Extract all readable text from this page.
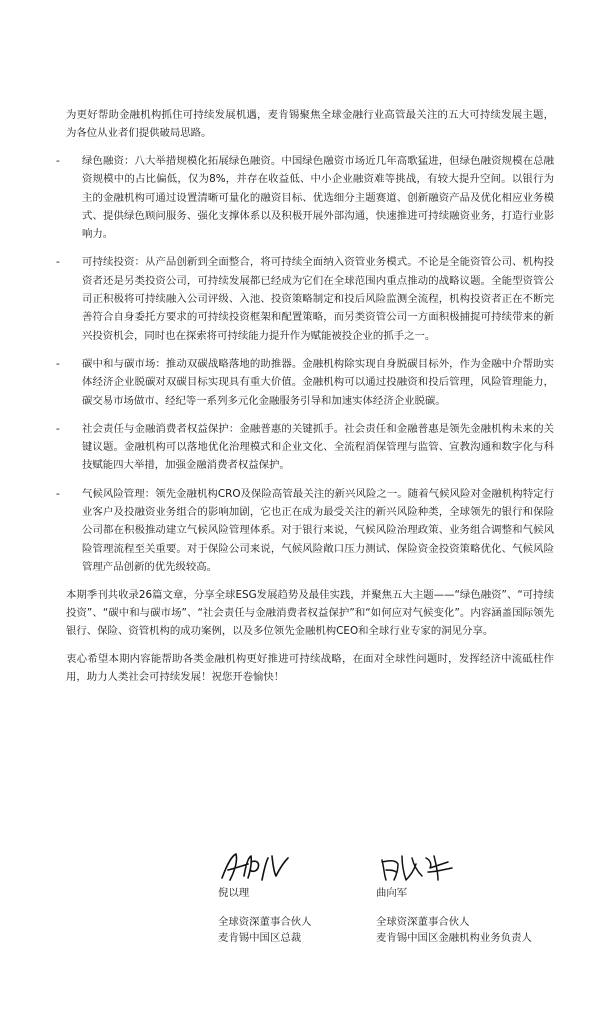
为更好帮助金融机构抓住可持续发展机遇，麦肯锡聚焦全球金融行业高管最关注的五大可持续发展主题，为各位从业者们提供破局思路。

- 绿色融资：八大举措规模化拓展绿色融资。中国绿色融资市场近几年高歌猛进，但绿色融资规模在总融资规模中的占比偏低，仅为8%，并存在收益低、中小企业融资难等挑战，有较大提升空间。以银行为主的金融机构可通过设置清晰可量化的融资目标、优选细分主题赛道、创新融资产品及优化相应业务模式、提供绿色顾问服务、强化支撑体系以及积极开展外部沟通，快速推进可持续融资业务，打造行业影响力。
- 可持续投资：从产品创新到全面整合，将可持续全面纳入资管业务模式。不论是全能资管公司、机构投资者还是另类投资公司，可持续发展都已经成为它们在全球范围内重点推动的战略议题。全能型资管公司正积极将可持续融入公司评级、入池、投资策略制定和投后风险监测全流程，机构投资者正在不断完善符合自身委托方要求的可持续投资框架和配置策略，而另类资管公司一方面积极捕捉可持续带来的新兴投资机会，同时也在探索将可持续能力提升作为赋能被投企业的抓手之一。
- 碳中和与碳市场：推动双碳战略落地的助推器。金融机构除实现自身脱碳目标外，作为金融中介帮助实体经济企业脱碳对双碳目标实现具有重大价值。金融机构可以通过投融资和投后管理，风险管理能力，碳交易市场做市、经纪等一系列多元化金融服务引导和加速实体经济企业脱碳。
- 社会责任与金融消费者权益保护：金融普惠的关键抓手。社会责任和金融普惠是领先金融机构未来的关键议题。金融机构可以落地优化治理模式和企业文化、全流程消保管理与监管、宣教沟通和数字化与科技赋能四大举措，加强金融消费者权益保护。
- 气候风险管理：领先金融机构CRO及保险高管最关注的新兴风险之一。随着气候风险对金融机构特定行业客户及投融资业务组合的影响加剧，它也正在成为最受关注的新兴风险种类，全球领先的银行和保险公司都在积极推动建立气候风险管理体系。对于银行来说，气候风险治理政策、业务组合调整和气候风险管理流程至关重要。对于保险公司来说，气候风险敞口压力测试、保险资金投资策略优化、气候风险管理产品创新的优先级较高。

本期季刊共收录26篇文章，分享全球ESG发展趋势及最佳实践，并聚焦五大主题——“绿色融资”、“可持续投资”、“碳中和与碳市场”、“社会责任与金融消费者权益保护”和“如何应对气候变化”。内容涵盖国际领先银行、保险、资管机构的成功案例，以及多位领先金融机构CEO和全球行业专家的洞见分享。

衷心希望本期内容能帮助各类金融机构更好推进可持续战略，在面对全球性问题时，发挥经济中流砥柱作用，助力人类社会可持续发展！祝您开卷愉快！

倪以理
全球资深董事合伙人
麦肯锡中国区总裁
曲向军
全球资深董事合伙人
麦肯锡中国区金融机构业务负责人
